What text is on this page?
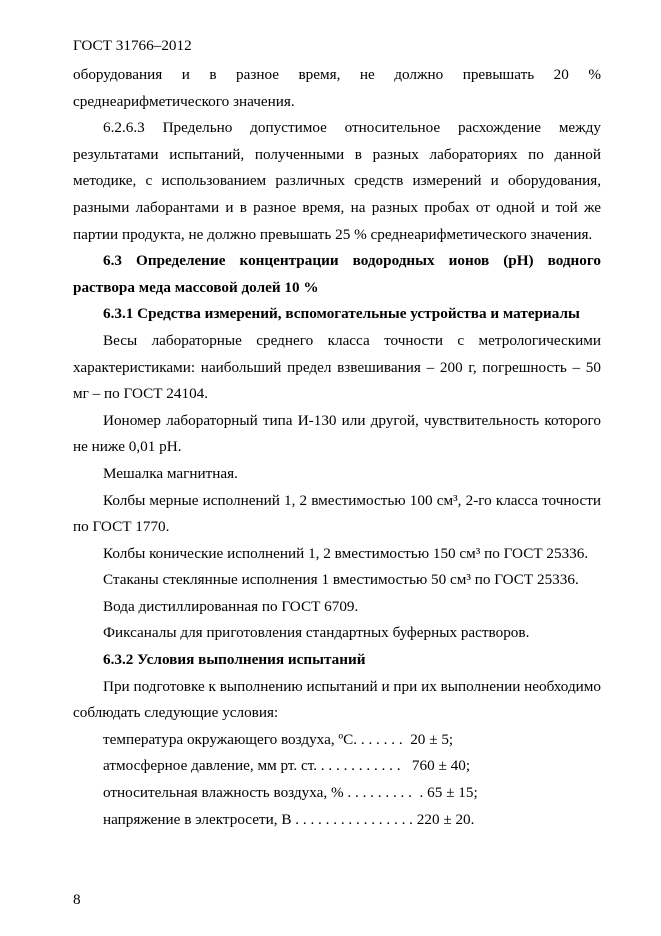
ГОСТ 31766–2012

оборудования и в разное время, не должно превышать 20 % среднеарифметического значения.

6.2.6.3 Предельно допустимое относительное расхождение между результатами испытаний, полученными в разных лабораториях по данной методике, с использованием различных средств измерений и оборудования, разными лаборантами и в разное время, на разных пробах от одной и той же партии продукта, не должно превышать 25 % среднеарифметического значения.

6.3 Определение концентрации водородных ионов (рН) водного раствора меда массовой долей 10 %

6.3.1 Средства измерений, вспомогательные устройства и материалы

Весы лабораторные среднего класса точности с метрологическими характеристиками: наибольший предел взвешивания – 200 г, погрешность – 50 мг – по ГОСТ 24104.

Иономер лабораторный типа И-130 или другой, чувствительность которого не ниже 0,01 рН.

Мешалка магнитная.

Колбы мерные исполнений 1, 2 вместимостью 100 см³, 2-го класса точности по ГОСТ 1770.

Колбы конические исполнений 1, 2 вместимостью 150 см³ по ГОСТ 25336.

Стаканы стеклянные исполнения 1 вместимостью 50 см³ по ГОСТ 25336.

Вода дистиллированная по ГОСТ 6709.

Фиксаналы для приготовления стандартных буферных растворов.

6.3.2 Условия выполнения испытаний

При подготовке к выполнению испытаний и при их выполнении необходимо соблюдать следующие условия:

температура окружающего воздуха, ºС. . . . . . .  20 ± 5;

атмосферное давление, мм рт. ст. . . . . . . . . . . .   760 ± 40;

относительная влажность воздуха, % . . . . . . . . .  . 65 ± 15;

напряжение в электросети, В . . . . . . . . . . . . . . . . 220 ± 20.

8
